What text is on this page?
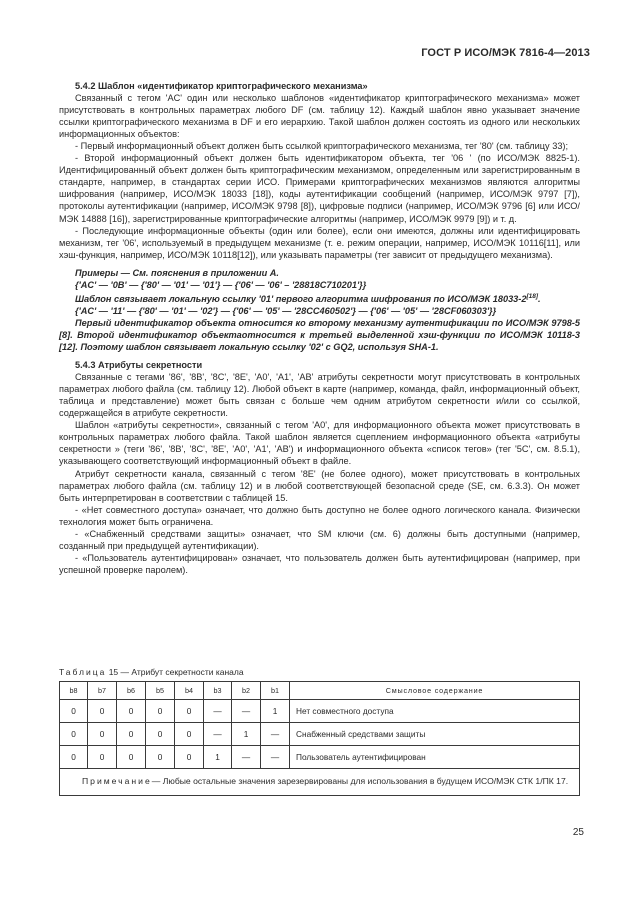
ГОСТ Р ИСО/МЭК 7816-4—2013

5.4.2 Шаблон «идентификатор криптографического механизма»

Связанный с тегом 'AC' один или несколько шаблонов «идентификатор криптографического механизма» может присутствовать в контрольных параметрах любого DF (см. таблицу 12). Каждый шаблон явно указывает значение ссылки криптографического механизма в DF и его иерархию. Такой шаблон должен состоять из одного или нескольких информационных объектов:

- Первый информационный объект должен быть ссылкой криптографического механизма, тег '80' (см. таблицу 33);

- Второй информационный объект должен быть идентификатором объекта, тег '06 ' (по ИСО/МЭК 8825-1). Идентифицированный объект должен быть криптографическим механизмом, определенным или зарегистрированным в стандарте, например, в стандартах серии ИСО. Примерами криптографических механизмов являются алгоритмы шифрования (например, ИСО/МЭК 18033 [18]), коды аутентификации сообщений (например, ИСО/МЭК 9797 [7]), протоколы аутентификации (например, ИСО/МЭК 9798 [8]), цифровые подписи (например, ИСО/МЭК 9796 [6] или ИСО/МЭК 14888 [16]), зарегистрированные криптографические алгоритмы (например, ИСО/МЭК 9979 [9]) и т. д.

- Последующие информационные объекты (один или более), если они имеются, должны или идентифицировать механизм, тег '06', используемый в предыдущем механизме (т. е. режим операции, например, ИСО/МЭК 10116[11], или хэш-функция, например, ИСО/МЭК 10118[12]), или указывать параметры (тег зависит от предыдущего механизма).

Примеры — См. пояснения в приложении А.

{'AC' — '0B' — {'80' — '01' — '01'} — {'06' — '06' – '28818C710201'}}

Шаблон связывает локальную ссылку '01' первого алгоритма шифрования по ИСО/МЭК 18033-2[18].

{'AC' — '11' — {'80' — '01' — '02'} — {'06' — '05' — '28CC460502'} — {'06' — '05' — '28CF060303'}}

Первый идентификатор объекта относится ко второму механизму аутентификации по ИСО/МЭК 9798-5 [8]. Второй идентификатор объектаотносится к третьей выделенной хэш-функции по ИСО/МЭК 10118-3 [12]. Поэтому шаблон связывает локальную ссылку '02' с GQ2, используя SHA-1.

5.4.3 Атрибуты секретности

Связанные с тегами '86', '8B', '8C', '8E', 'A0', 'A1', 'AB' атрибуты секретности могут присутствовать в контрольных параметрах любого файла (см. таблицу 12). Любой объект в карте (например, команда, файл, информационный объект, таблица и представление) может быть связан с больше чем одним атрибутом секретности и/или со ссылкой, содержащейся в атрибуте секретности.

Шаблон «атрибуты секретности», связанный с тегом 'A0', для информационного объекта может присутствовать в контрольных параметрах любого файла. Такой шаблон является сцеплением информационного объекта «атрибуты секретности » (теги '86', '8B', '8C', '8E', 'A0', 'A1', 'AB') и информационного объекта «список тегов» (тег '5C', см. 8.5.1), указывающего соответствующий информационный объект в файле.

Атрибут секретности канала, связанный с тегом '8E' (не более одного), может присутствовать в контрольных параметрах любого файла (см. таблицу 12) и в любой соответствующей безопасной среде (SE, см. 6.3.3). Он может быть интерпретирован в соответствии с таблицей 15.

- «Нет совместного доступа» означает, что должно быть доступно не более одного логического канала. Физически технология может быть ограничена.

- «Снабженный средствами защиты» означает, что SM ключи (см. 6) должны быть доступными (например, созданный при предыдущей аутентификации).

- «Пользователь аутентифицирован» означает, что пользователь должен быть аутентифицирован (например, при успешной проверке паролем).

Таблица 15 — Атрибут секретности канала
b8	b7	b6	b5	b4	b3	b2	b1	Смысловое содержание
0	0	0	0	0	—	—	1	Нет совместного доступа
0	0	0	0	0	—	1	—	Снабженный средствами защиты
0	0	0	0	0	1	—	—	Пользователь аутентифицирован
Примечание— Любые остальные значения зарезервированы для использования в будущем ИСО/МЭК СТК 1/ПК 17.								
25
